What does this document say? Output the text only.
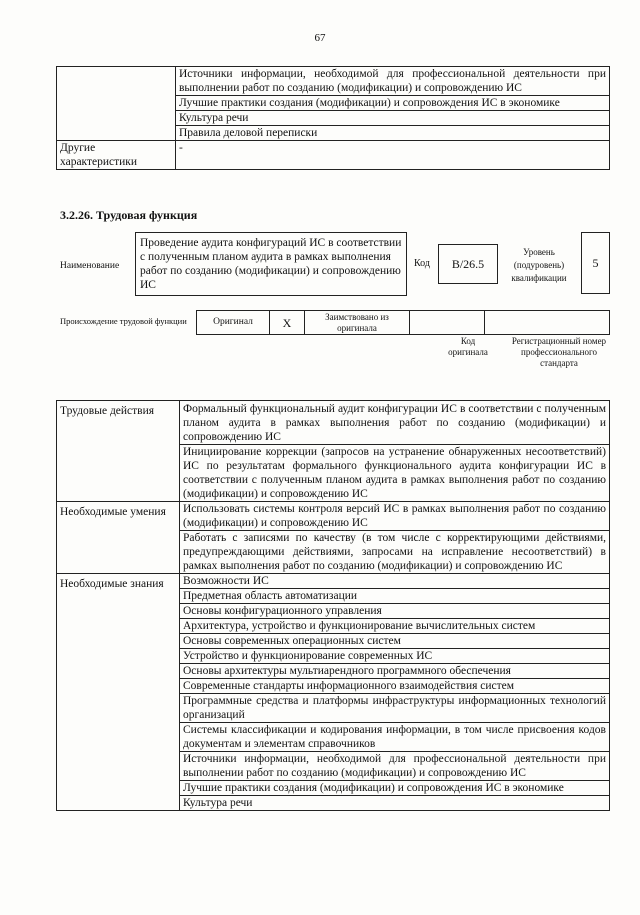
67
	Источники информации, необходимой для профессиональной деятельности при выполнении работ по созданию (модификации) и сопровождению ИС
	Лучшие практики создания (модификации) и сопровождения ИС в экономике
	Культура речи
	Правила деловой переписки
Другие характеристики	-
3.2.26. Трудовая функция
Наименование
Проведение аудита конфигураций ИС в соответствии с полученным планом аудита в рамках выполнения работ по созданию (модификации) и сопровождению ИС
Код	B/26.5
Уровень (подуровень) квалификации
5
Происхождение трудовой функции	Оригинал	X	Заимствовано из оригинала		
Код оригинала
Регистрационный номер профессионального стандарта
Трудовые действия	Формальный функциональный аудит конфигурации ИС в соответствии с полученным планом аудита в рамках выполнения работ по созданию (модификации) и сопровождению ИС
	Инициирование коррекции (запросов на устранение обнаруженных несоответствий) ИС по результатам формального функционального аудита конфигурации ИС в соответствии с полученным планом аудита в рамках выполнения работ по созданию (модификации) и сопровождению ИС
Необходимые умения	Использовать системы контроля версий ИС в рамках выполнения работ по созданию (модификации) и сопровождению ИС
	Работать с записями по качеству (в том числе с корректирующими действиями, предупреждающими действиями, запросами на исправление несоответствий) в рамках выполнения работ по созданию (модификации) и сопровождению ИС
Необходимые знания	Возможности ИС
	Предметная область автоматизации
	Основы конфигурационного управления
	Архитектура, устройство и функционирование вычислительных систем
	Основы современных операционных систем
	Устройство и функционирование современных ИС
	Основы архитектуры мультиарендного программного обеспечения
	Современные стандарты информационного взаимодействия систем
	Программные средства и платформы инфраструктуры информационных технологий организаций
	Системы классификации и кодирования информации, в том числе присвоения кодов документам и элементам справочников
	Источники информации, необходимой для профессиональной деятельности при выполнении работ по созданию (модификации) и сопровождению ИС
	Лучшие практики создания (модификации) и сопровождения ИС в экономике
	Культура речи
